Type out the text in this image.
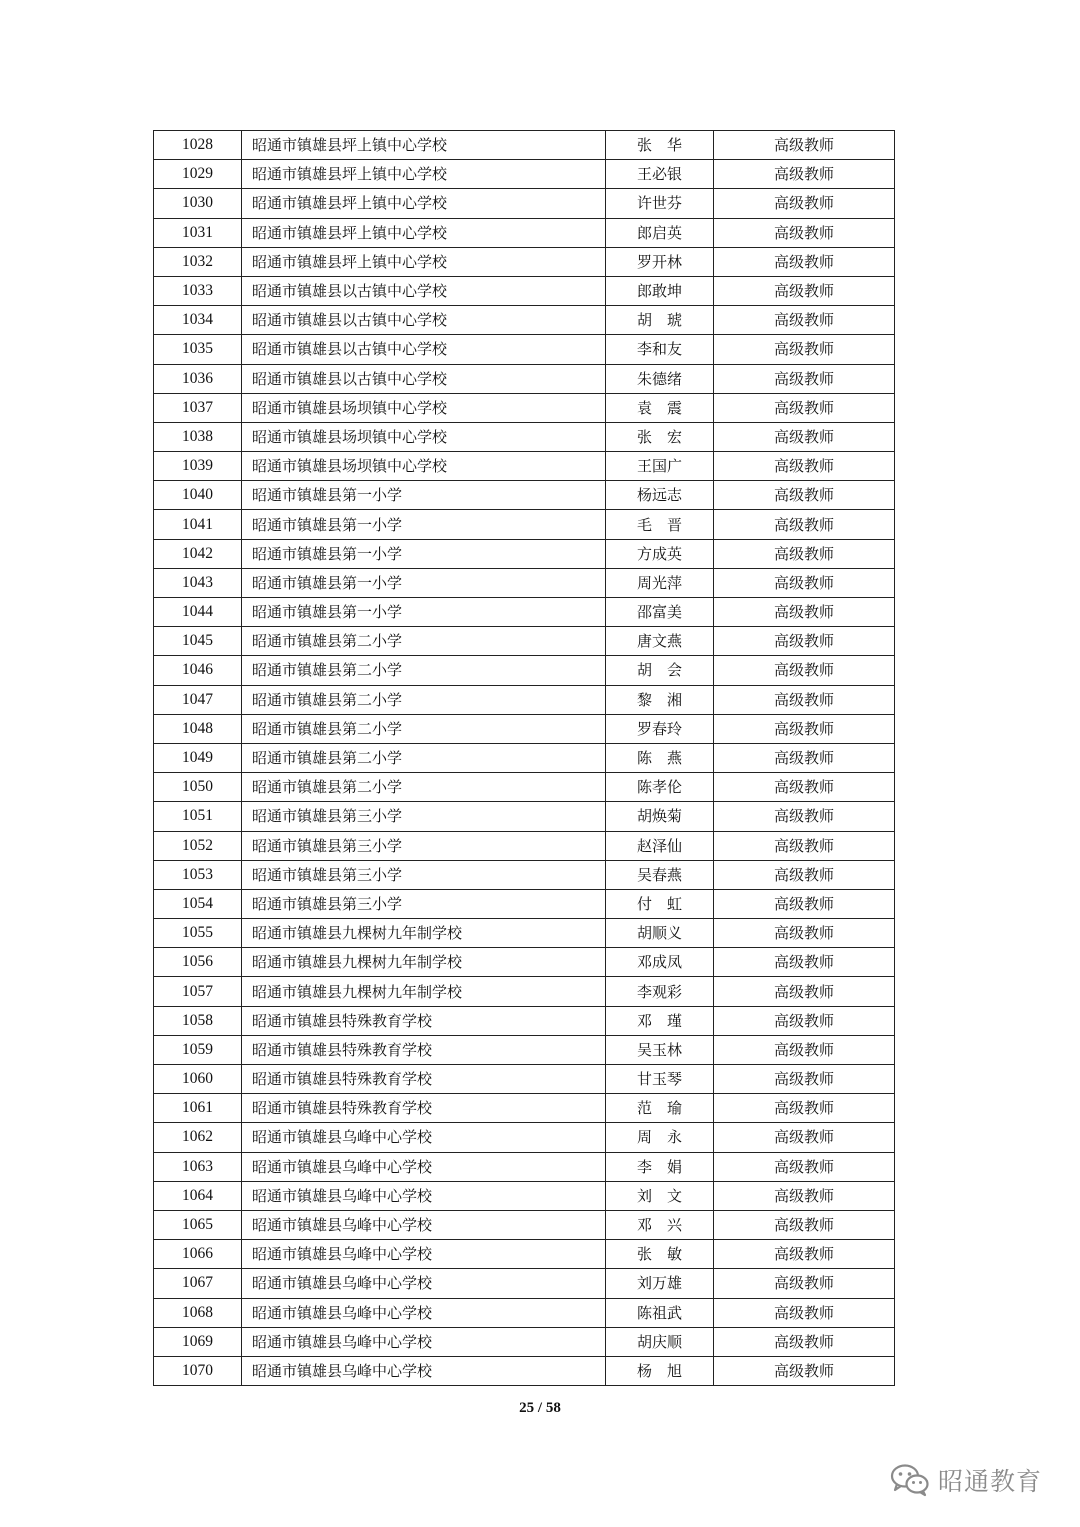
1028	昭通市镇雄县坪上镇中心学校	张　华	高级教师
1029	昭通市镇雄县坪上镇中心学校	王必银	高级教师
1030	昭通市镇雄县坪上镇中心学校	许世芬	高级教师
1031	昭通市镇雄县坪上镇中心学校	郎启英	高级教师
1032	昭通市镇雄县坪上镇中心学校	罗开林	高级教师
1033	昭通市镇雄县以古镇中心学校	郎敢坤	高级教师
1034	昭通市镇雄县以古镇中心学校	胡　琥	高级教师
1035	昭通市镇雄县以古镇中心学校	李和友	高级教师
1036	昭通市镇雄县以古镇中心学校	朱德绪	高级教师
1037	昭通市镇雄县场坝镇中心学校	袁　震	高级教师
1038	昭通市镇雄县场坝镇中心学校	张　宏	高级教师
1039	昭通市镇雄县场坝镇中心学校	王国广	高级教师
1040	昭通市镇雄县第一小学	杨远志	高级教师
1041	昭通市镇雄县第一小学	毛　晋	高级教师
1042	昭通市镇雄县第一小学	方成英	高级教师
1043	昭通市镇雄县第一小学	周光萍	高级教师
1044	昭通市镇雄县第一小学	邵富美	高级教师
1045	昭通市镇雄县第二小学	唐文燕	高级教师
1046	昭通市镇雄县第二小学	胡　会	高级教师
1047	昭通市镇雄县第二小学	黎　湘	高级教师
1048	昭通市镇雄县第二小学	罗春玲	高级教师
1049	昭通市镇雄县第二小学	陈　燕	高级教师
1050	昭通市镇雄县第二小学	陈孝伦	高级教师
1051	昭通市镇雄县第三小学	胡焕菊	高级教师
1052	昭通市镇雄县第三小学	赵泽仙	高级教师
1053	昭通市镇雄县第三小学	吴春燕	高级教师
1054	昭通市镇雄县第三小学	付　虹	高级教师
1055	昭通市镇雄县九棵树九年制学校	胡顺义	高级教师
1056	昭通市镇雄县九棵树九年制学校	邓成凤	高级教师
1057	昭通市镇雄县九棵树九年制学校	李观彩	高级教师
1058	昭通市镇雄县特殊教育学校	邓　瑾	高级教师
1059	昭通市镇雄县特殊教育学校	吴玉林	高级教师
1060	昭通市镇雄县特殊教育学校	甘玉琴	高级教师
1061	昭通市镇雄县特殊教育学校	范　瑜	高级教师
1062	昭通市镇雄县乌峰中心学校	周　永	高级教师
1063	昭通市镇雄县乌峰中心学校	李　娟	高级教师
1064	昭通市镇雄县乌峰中心学校	刘　文	高级教师
1065	昭通市镇雄县乌峰中心学校	邓　兴	高级教师
1066	昭通市镇雄县乌峰中心学校	张　敏	高级教师
1067	昭通市镇雄县乌峰中心学校	刘万雄	高级教师
1068	昭通市镇雄县乌峰中心学校	陈祖武	高级教师
1069	昭通市镇雄县乌峰中心学校	胡庆顺	高级教师
1070	昭通市镇雄县乌峰中心学校	杨　旭	高级教师
25 / 58
昭通教育
